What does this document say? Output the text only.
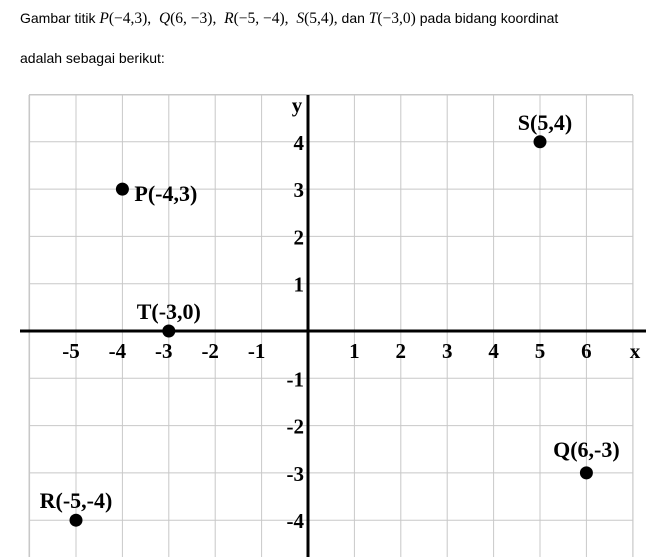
Gambar titik P(−4,3), Q(6, −3), R(−5, −4), S(5,4), dan T(−3,0) pada bidang koordinat
adalah sebagai berikut:
x
y
-5 -4 -3 -2 -1	1 2 3 4 5 6
4
3
2
1
-1
-2
-3
-4
P(-4,3)
Q(6,-3)
R(-5,-4)
S(5,4)
T(-3,0)
